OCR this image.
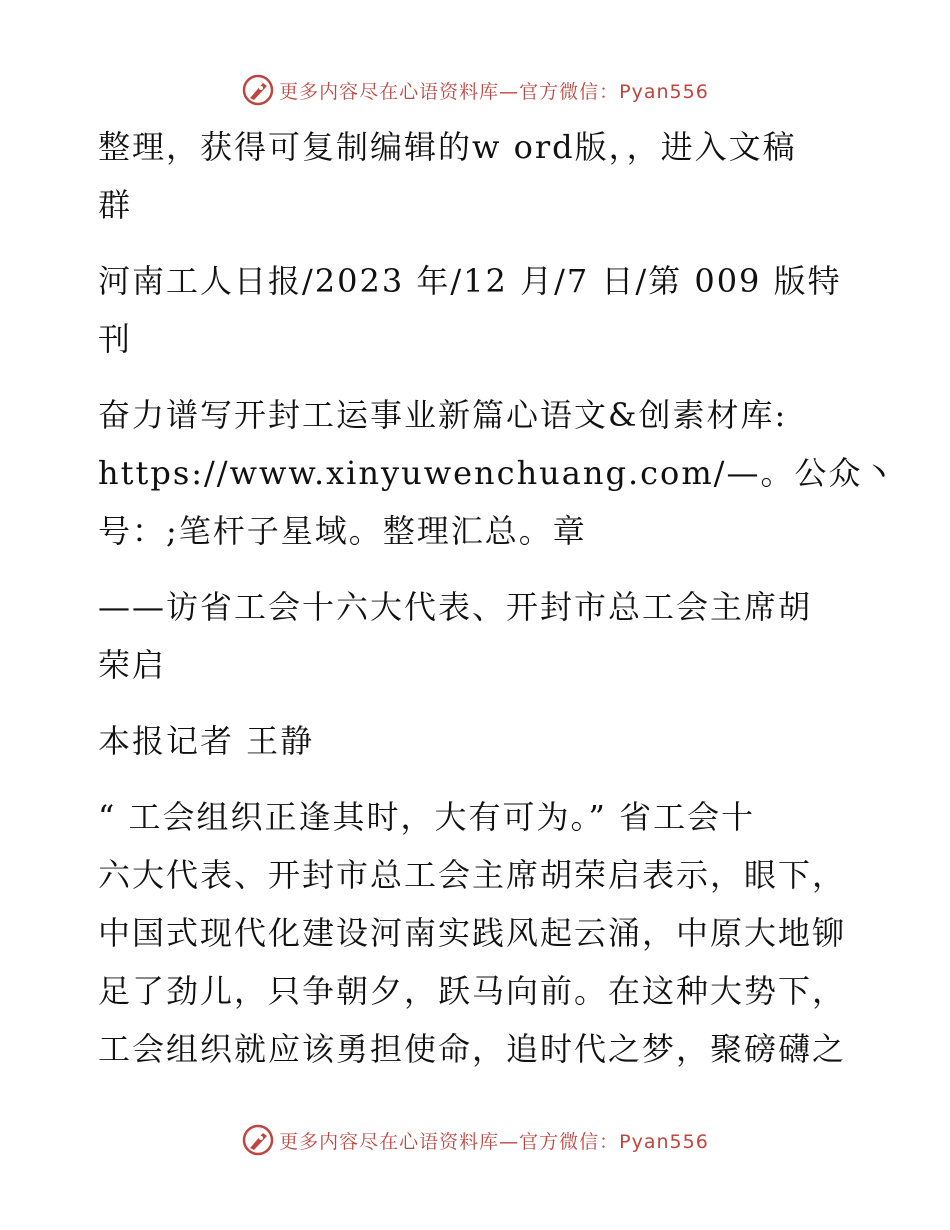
更多内容尽在心语资料库—官方微信：Pyan556

整理，获得可复制编辑的w ord版，，进入文稿
群

河南工人日报/2023 年/12 月/7 日/第 009 版特
刊

奋力谱写开封工运事业新篇心语文&创素材库:
https://www.xinyuwenchuang.com/—。公众丶
号：;笔杆子星域。整理汇总。章

——访省工会十六大代表、开封市总工会主席胡
荣启

本报记者 王静

“ 工会组织正逢其时，大有可为。” 省工会十
六大代表、开封市总工会主席胡荣启表示，眼下，
中国式现代化建设河南实践风起云涌，中原大地铆
足了劲儿，只争朝夕，跃马向前。在这种大势下，
工会组织就应该勇担使命，追时代之梦，聚磅礴之

更多内容尽在心语资料库—官方微信：Pyan556
